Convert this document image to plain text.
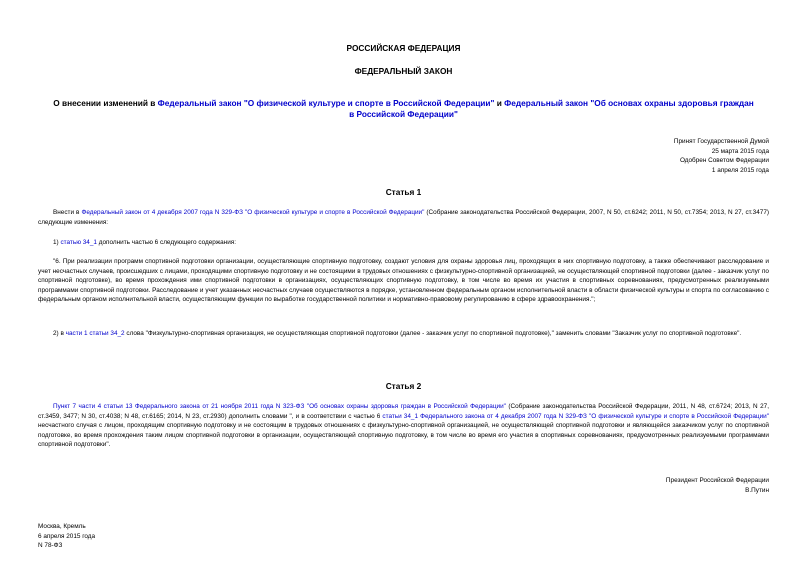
РОССИЙСКАЯ ФЕДЕРАЦИЯ
ФЕДЕРАЛЬНЫЙ ЗАКОН
О внесении изменений в Федеральный закон "О физической культуре и спорте в Российской Федерации" и Федеральный закон "Об основах охраны здоровья граждан в Российской Федерации"
Принят Государственной Думой
25 марта 2015 года
Одобрен Советом Федерации
1 апреля 2015 года
Статья 1

Внести в Федеральный закон от 4 декабря 2007 года N 329-ФЗ "О физической культуре и спорте в Российской Федерации" (Собрание законодательства Российской Федерации, 2007, N 50, ст.6242; 2011, N 50, ст.7354; 2013, N 27, ст.3477) следующие изменения:

1) статью 34_1 дополнить частью 6 следующего содержания:

"6. При реализации программ спортивной подготовки организации, осуществляющие спортивную подготовку, создают условия для охраны здоровья лиц, проходящих в них спортивную подготовку, а также обеспечивают расследование и учет несчастных случаев, происшедших с лицами, проходящими спортивную подготовку и не состоящими в трудовых отношениях с физкультурно-спортивной организацией, не осуществляющей спортивной подготовки (далее - заказчик услуг по спортивной подготовке), во время прохождения ими спортивной подготовки в организациях, осуществляющих спортивную подготовку, в том числе во время их участия в спортивных соревнованиях, предусмотренных реализуемыми программами спортивной подготовки. Расследование и учет указанных несчастных случаев осуществляются в порядке, установленном федеральным органом исполнительной власти в области физической культуры и спорта по согласованию с федеральным органом исполнительной власти, осуществляющим функции по выработке государственной политики и нормативно-правовому регулированию в сфере здравоохранения.";

2) в части 1 статьи 34_2 слова "Физкультурно-спортивная организация, не осуществляющая спортивной подготовки (далее - заказчик услуг по спортивной подготовке)," заменить словами "Заказчик услуг по спортивной подготовке".

Статья 2

Пункт 7 части 4 статьи 13 Федерального закона от 21 ноября 2011 года N 323-ФЗ "Об основах охраны здоровья граждан в Российской Федерации" (Собрание законодательства Российской Федерации, 2011, N 48, ст.6724; 2013, N 27, ст.3459, 3477; N 30, ст.4038; N 48, ст.6165; 2014, N 23, ст.2930) дополнить словами ", и в соответствии с частью 6 статьи 34_1 Федерального закона от 4 декабря 2007 года N 329-ФЗ "О физической культуре и спорте в Российской Федерации" несчастного случая с лицом, проходящим спортивную подготовку и не состоящим в трудовых отношениях с физкультурно-спортивной организацией, не осуществляющей спортивной подготовки и являющейся заказчиком услуг по спортивной подготовке, во время прохождения таким лицом спортивной подготовки в организации, осуществляющей спортивную подготовку, в том числе во время его участия в спортивных соревнованиях, предусмотренных реализуемыми программами спортивной подготовки".

Президент Российской Федерации
В.Путин
Москва, Кремль
6 апреля 2015 года
N 78-ФЗ
